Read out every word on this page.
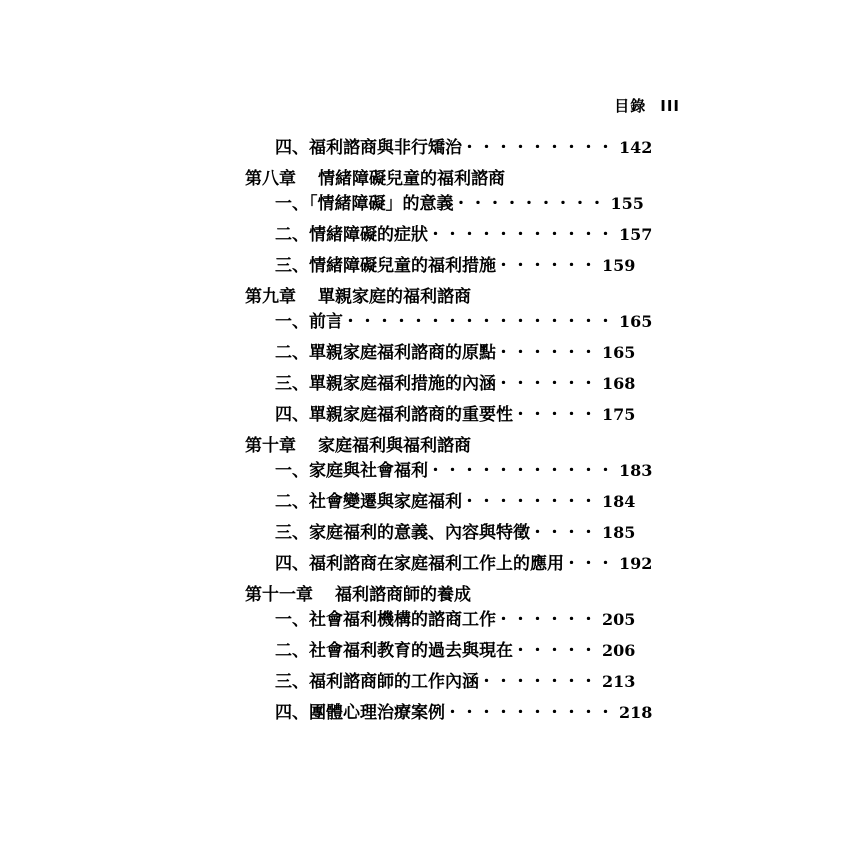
目錄 III
四、福利諮商與非行矯治 ・・・・・・・・・ 142
第八章 情緒障礙兒童的福利諮商
一、「情緒障礙」的意義 ・・・・・・・・・ 155
二、情緒障礙的症狀 ・・・・・・・・・・・ 157
三、情緒障礙兒童的福利措施 ・・・・・・ 159
第九章 單親家庭的福利諮商
一、前言 ・・・・・・・・・・・・・・・・ 165
二、單親家庭福利諮商的原點 ・・・・・・ 165
三、單親家庭福利措施的內涵 ・・・・・・ 168
四、單親家庭福利諮商的重要性 ・・・・・ 175
第十章 家庭福利與福利諮商
一、家庭與社會福利 ・・・・・・・・・・・ 183
二、社會變遷與家庭福利 ・・・・・・・・ 184
三、家庭福利的意義、內容與特徵 ・・・・ 185
四、福利諮商在家庭福利工作上的應用 ・・・ 192
第十一章 福利諮商師的養成
一、社會福利機構的諮商工作 ・・・・・・ 205
二、社會福利教育的過去與現在 ・・・・・ 206
三、福利諮商師的工作內涵 ・・・・・・・ 213
四、團體心理治療案例 ・・・・・・・・・・ 218
